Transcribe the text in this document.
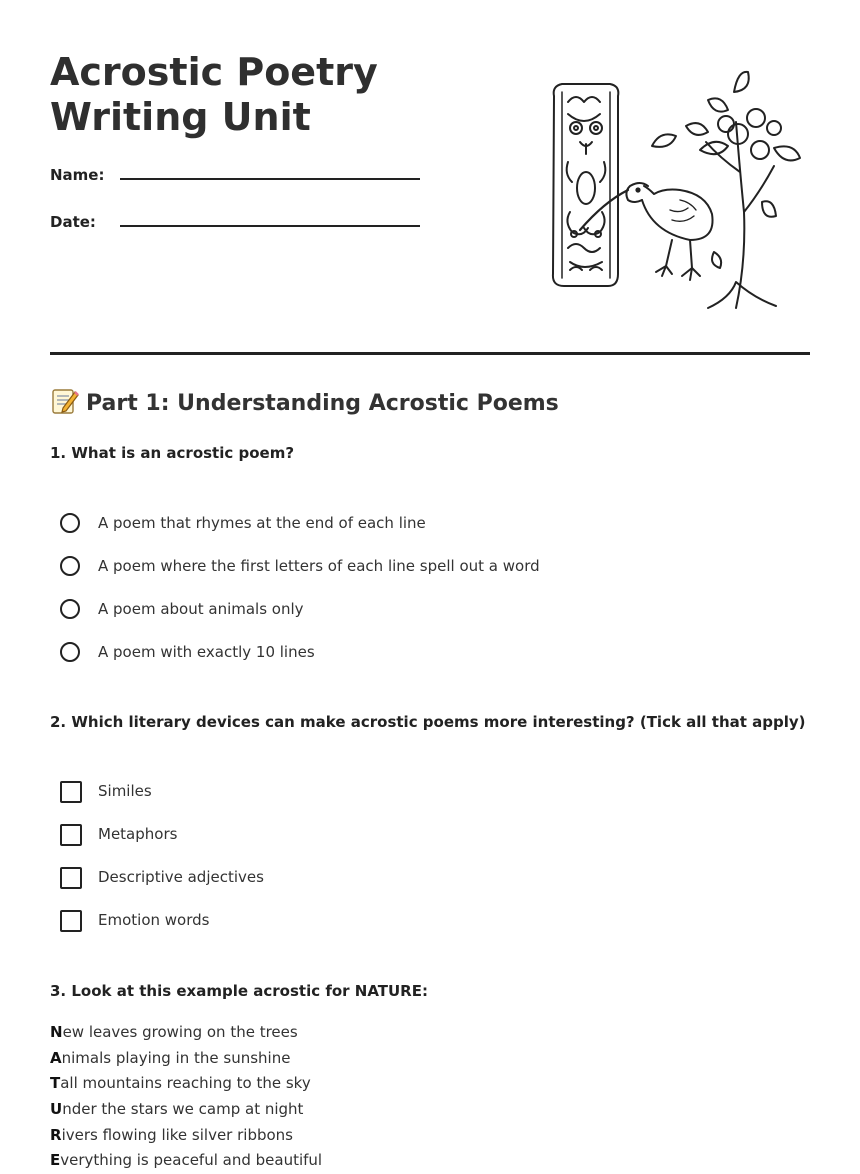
Acrostic Poetry Writing Unit
Name:
Date:
Part 1: Understanding Acrostic Poems
1. What is an acrostic poem?
A poem that rhymes at the end of each line
A poem where the first letters of each line spell out a word
A poem about animals only
A poem with exactly 10 lines
2. Which literary devices can make acrostic poems more interesting? (Tick all that apply)
Similes
Metaphors
Descriptive adjectives
Emotion words
3. Look at this example acrostic for NATURE:
New leaves growing on the trees
Animals playing in the sunshine
Tall mountains reaching to the sky
Under the stars we camp at night
Rivers flowing like silver ribbons
Everything is peaceful and beautiful
